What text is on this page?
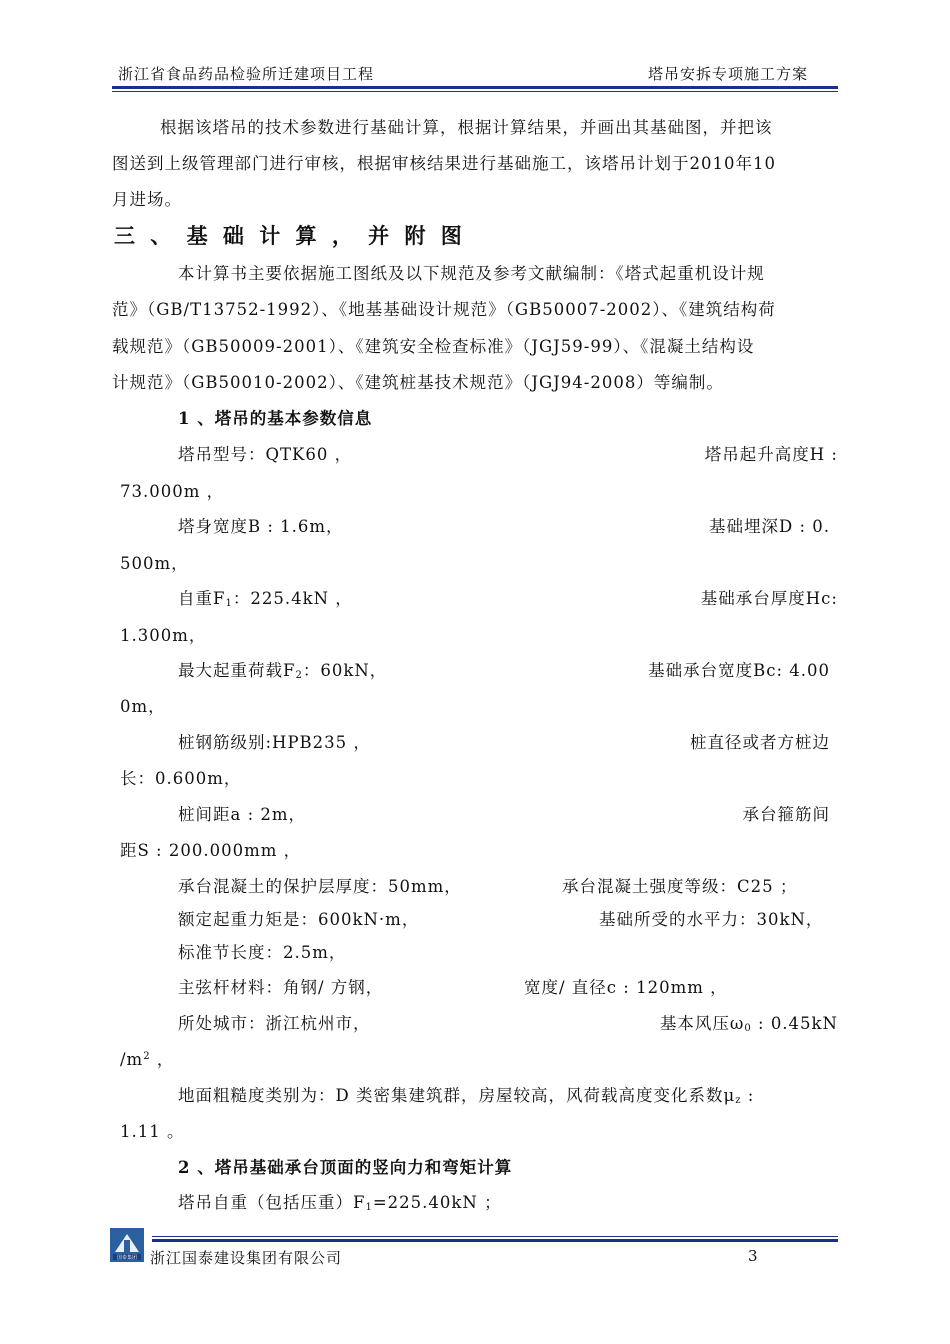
浙江省食品药品检验所迁建项目工程	塔吊安拆专项施工方案
根据该塔吊的技术参数进行基础计算，根据计算结果，并画出其基础图，并把该
图送到上级管理部门进行审核，根据审核结果进行基础施工，该塔吊计划于2010年10
月进场。
三 、 基 础 计 算 ， 并 附 图
本计算书主要依据施工图纸及以下规范及参考文献编制：《塔式起重机设计规
范》（GB/T13752-1992）、《地基基础设计规范》（GB50007-2002）、《建筑结构荷
载规范》（GB50009-2001）、《建筑安全检查标准》（JGJ59-99）、《混凝土结构设
计规范》（GB50010-2002）、《建筑桩基技术规范》（JGJ94-2008）等编制。
1 、塔吊的基本参数信息
塔吊型号：QTK60 ，	塔吊起升高度H :
73.000m ，
塔身宽度B : 1.6m，	基础埋深D : 0.
500m，
自重$F_1$：225.4kN ，	基础承台厚度Hc:
1.300m，
最大起重荷载$F_2$：60kN，	基础承台宽度Bc: 4.00
0m，
桩钢筋级别:HPB235 ，	桩直径或者方桩边
长：0.600m，
桩间距a : 2m，	承台箍筋间
距S : 200.000mm ，
承台混凝土的保护层厚度：50mm，	承台混凝土强度等级：C25 ；
额定起重力矩是：600kN·m，	基础所受的水平力：30kN，
标准节长度：2.5m，
主弦杆材料：角钢/ 方钢，	宽度/ 直径c : 120mm ，
所处城市：浙江杭州市，	基本风压$\omega_0$ : 0.45kN
$/m^2$ ，
地面粗糙度类别为：D 类密集建筑群，房屋较高，风荷载高度变化系数$\mu_z$ :
1.11 。
2 、塔吊基础承台顶面的竖向力和弯矩计算
塔吊自重（包括压重）$F_1=225.40kN$ ；
国泰集团 浙江国泰建设集团有限公司	3
